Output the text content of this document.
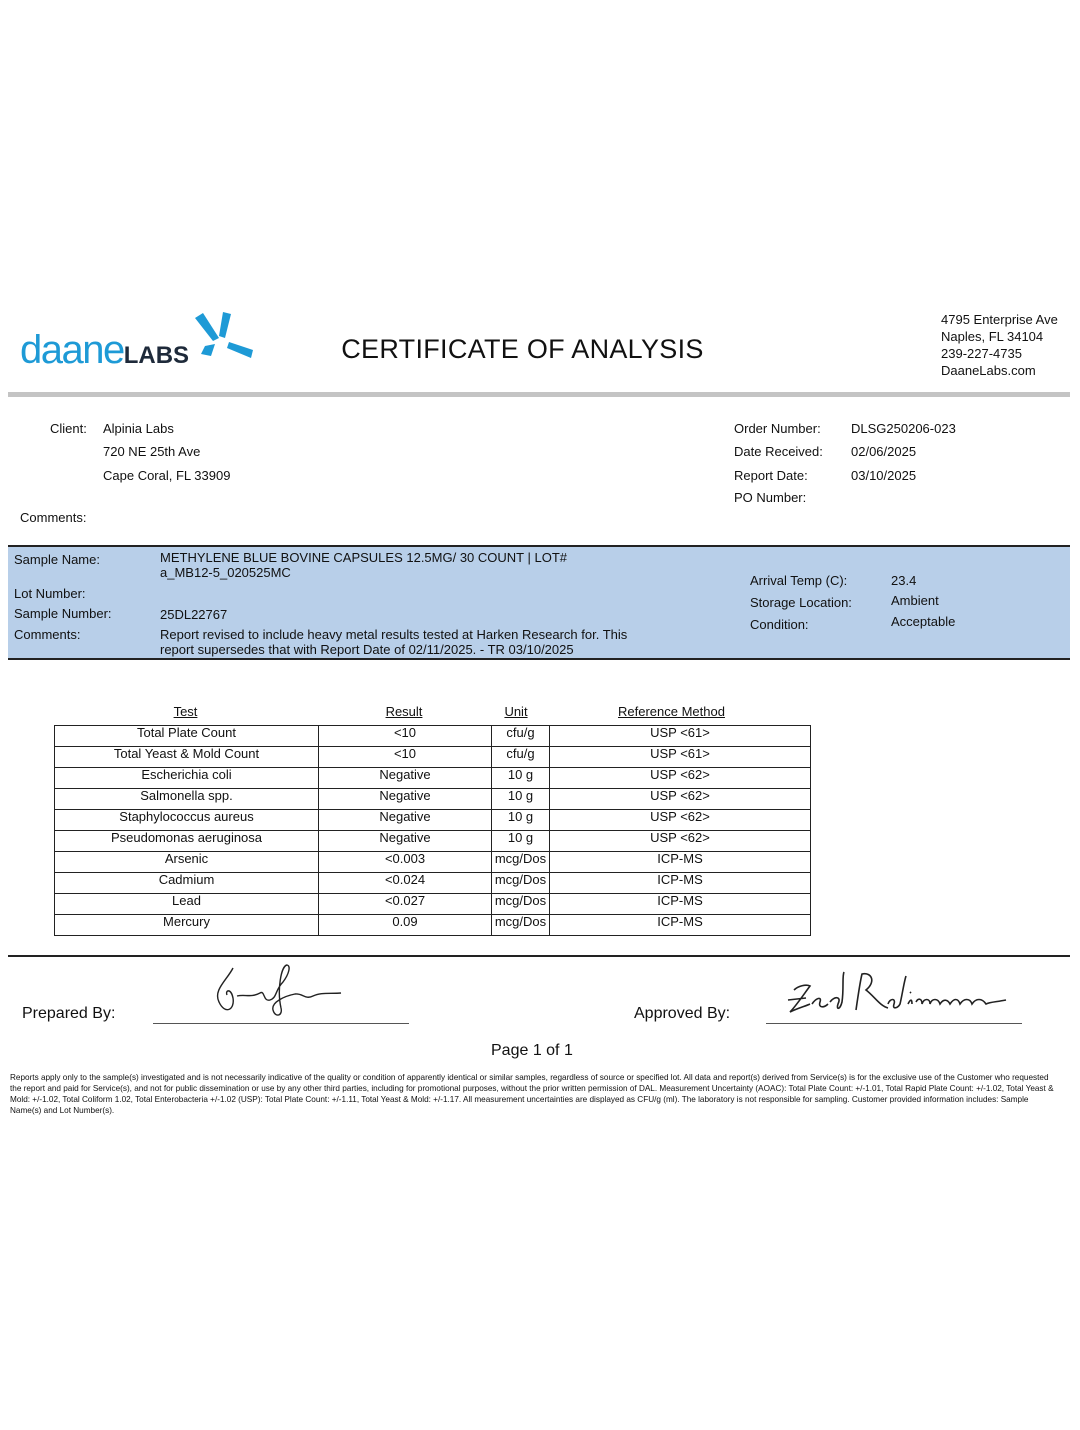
daaneLABS	CERTIFICATE OF ANALYSIS
4795 Enterprise Ave
Naples, FL 34104
239-227-4735
DaaneLabs.com
Client: Alpinia Labs
720 NE 25th Ave
Cape Coral, FL 33909
Comments:
Order Number: DLSG250206-023
Date Received: 02/06/2025
Report Date:	03/10/2025
PO Number:
Sample Name:	METHYLENE BLUE BOVINE CAPSULES 12.5MG/ 30 COUNT | LOT#
a_MB12-5_020525MC
Lot Number:
Sample Number:	25DL22767
Comments:	Report revised to include heavy metal results tested at Harken Research for. This
report supersedes that with Report Date of 02/11/2025. - TR 03/10/2025
Arrival Temp (C):	23.4
Storage Location:	Ambient
Condition:	Acceptable
Test	Result	Unit	Reference Method
Total Plate Count	<10	cfu/g	USP <61>
Total Yeast & Mold Count	<10	cfu/g	USP <61>
Escherichia coli	Negative	10 g	USP <62>
Salmonella spp.	Negative	10 g	USP <62>
Staphylococcus aureus	Negative	10 g	USP <62>
Pseudomonas aeruginosa	Negative	10 g	USP <62>
Arsenic	<0.003	mcg/Dos	ICP-MS
Cadmium	<0.024	mcg/Dos	ICP-MS
Lead	<0.027	mcg/Dos	ICP-MS
Mercury	0.09	mcg/Dos	ICP-MS
Prepared By:	Approved By:
Page 1 of 1
Reports apply only to the sample(s) investigated and is not necessarily indicative of the quality or condition of apparently identical or similar samples, regardless of source or specified lot. All data and report(s) derived from Service(s) is for the exclusive use of the Customer who requested the report and paid for Service(s), and not for public dissemination or use by any other third parties, including for promotional purposes, without the prior written permission of DAL. Measurement Uncertainty (AOAC): Total Plate Count: +/-1.01, Total Rapid Plate Count: +/-1.02, Total Yeast & Mold: +/-1.02, Total Coliform 1.02, Total Enterobacteria +/-1.02 (USP): Total Plate Count: +/-1.11, Total Yeast & Mold: +/-1.17. All measurement uncertainties are displayed as CFU/g (ml). The laboratory is not responsible for sampling. Customer provided information includes: Sample Name(s) and Lot Number(s).
